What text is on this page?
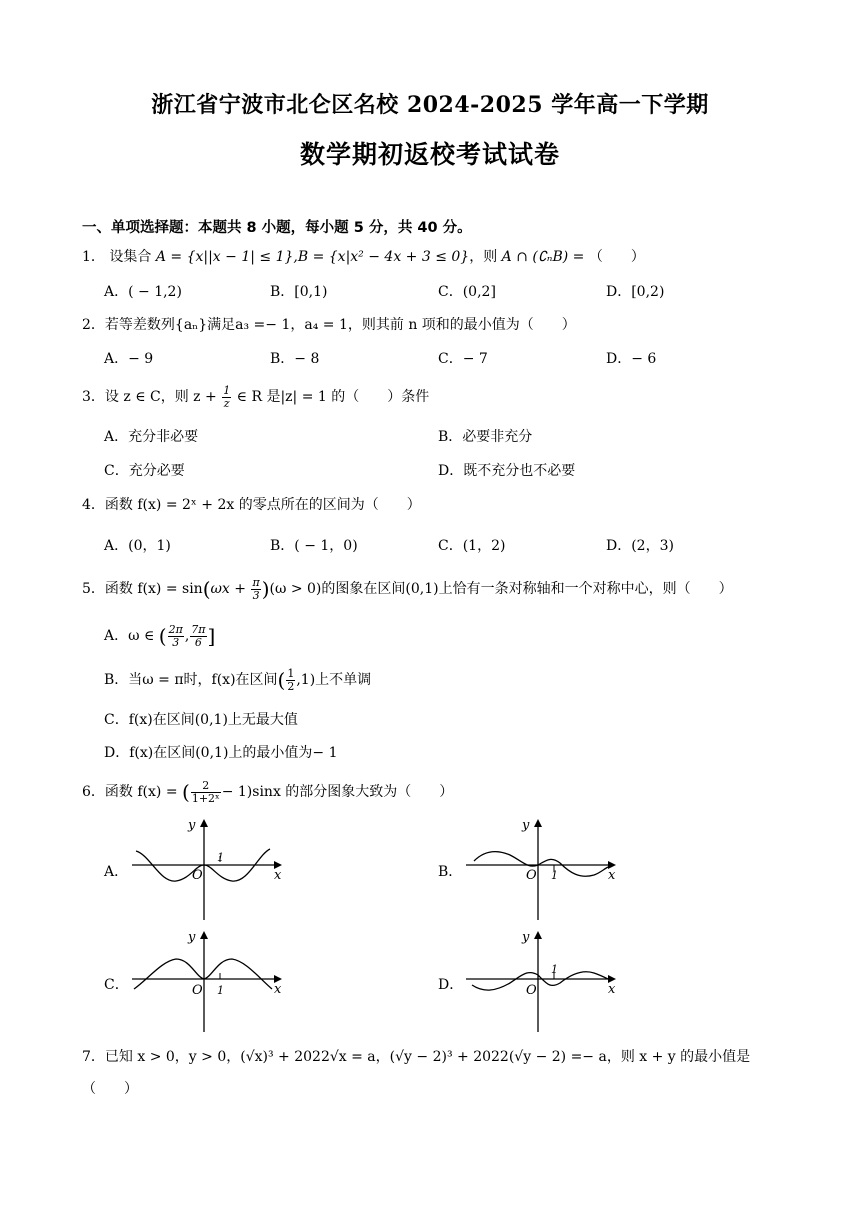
浙江省宁波市北仑区名校 2024-2025 学年高一下学期
数学期初返校考试试卷
一、单项选择题：本题共 8 小题，每小题 5 分，共 40 分。
1． 设集合 A = {x||x − 1| ≤ 1},B = {x|x² − 4x + 3 ≤ 0}，则 A ∩ (∁ₙB) = （　　）
A．( − 1,2)	B．[0,1)	C．(0,2]	D．[0,2)
2．若等差数列{aₙ}满足a₃ =− 1，a₄ = 1，则其前 n 项和的最小值为（　　）
A．− 9	B．− 8	C．− 7	D．− 6
3．设 z ∈ C，则 $z + \frac{1}{z}$ ∈ R 是|z| = 1 的（　　）条件
A．充分非必要	B．必要非充分
C．充分必要	D．既不充分也不必要
4．函数 f(x) = 2ˣ + 2x 的零点所在的区间为（　　）
A．(0，1)	B．( − 1，0)	C．(1，2)	D．(2，3)
5．函数 $f(x) = \sin(\omega x + \frac{\pi}{3} )(\omega > 0)$的图象在区间(0,1)上恰有一条对称轴和一个对称中心，则（　　）
A．ω ∈ ( $\frac{2\pi}{3}$ , $\frac{7\pi}{6}$ ]
B．当ω = π时，f(x)在区间( $\frac{1}{2} ,1$)上不单调
C．f(x)在区间(0,1)上无最大值
D．f(x)在区间(0,1)上的最小值为− 1
6．函数 f(x) = ( $\frac{2}{\text{1+2ˣ}} - 1)\sin x$ 的部分图象大致为（　　）
A．	B．
C．	D．
1
O	x
y
1
O	x
y
1
O	x
y
1
O	x
y
7．已知 x > 0，y > 0，(√x)³ + 2022√x = a，(√y − 2)³ + 2022(√y − 2) =− a，则 x + y 的最小值是
（　　）
